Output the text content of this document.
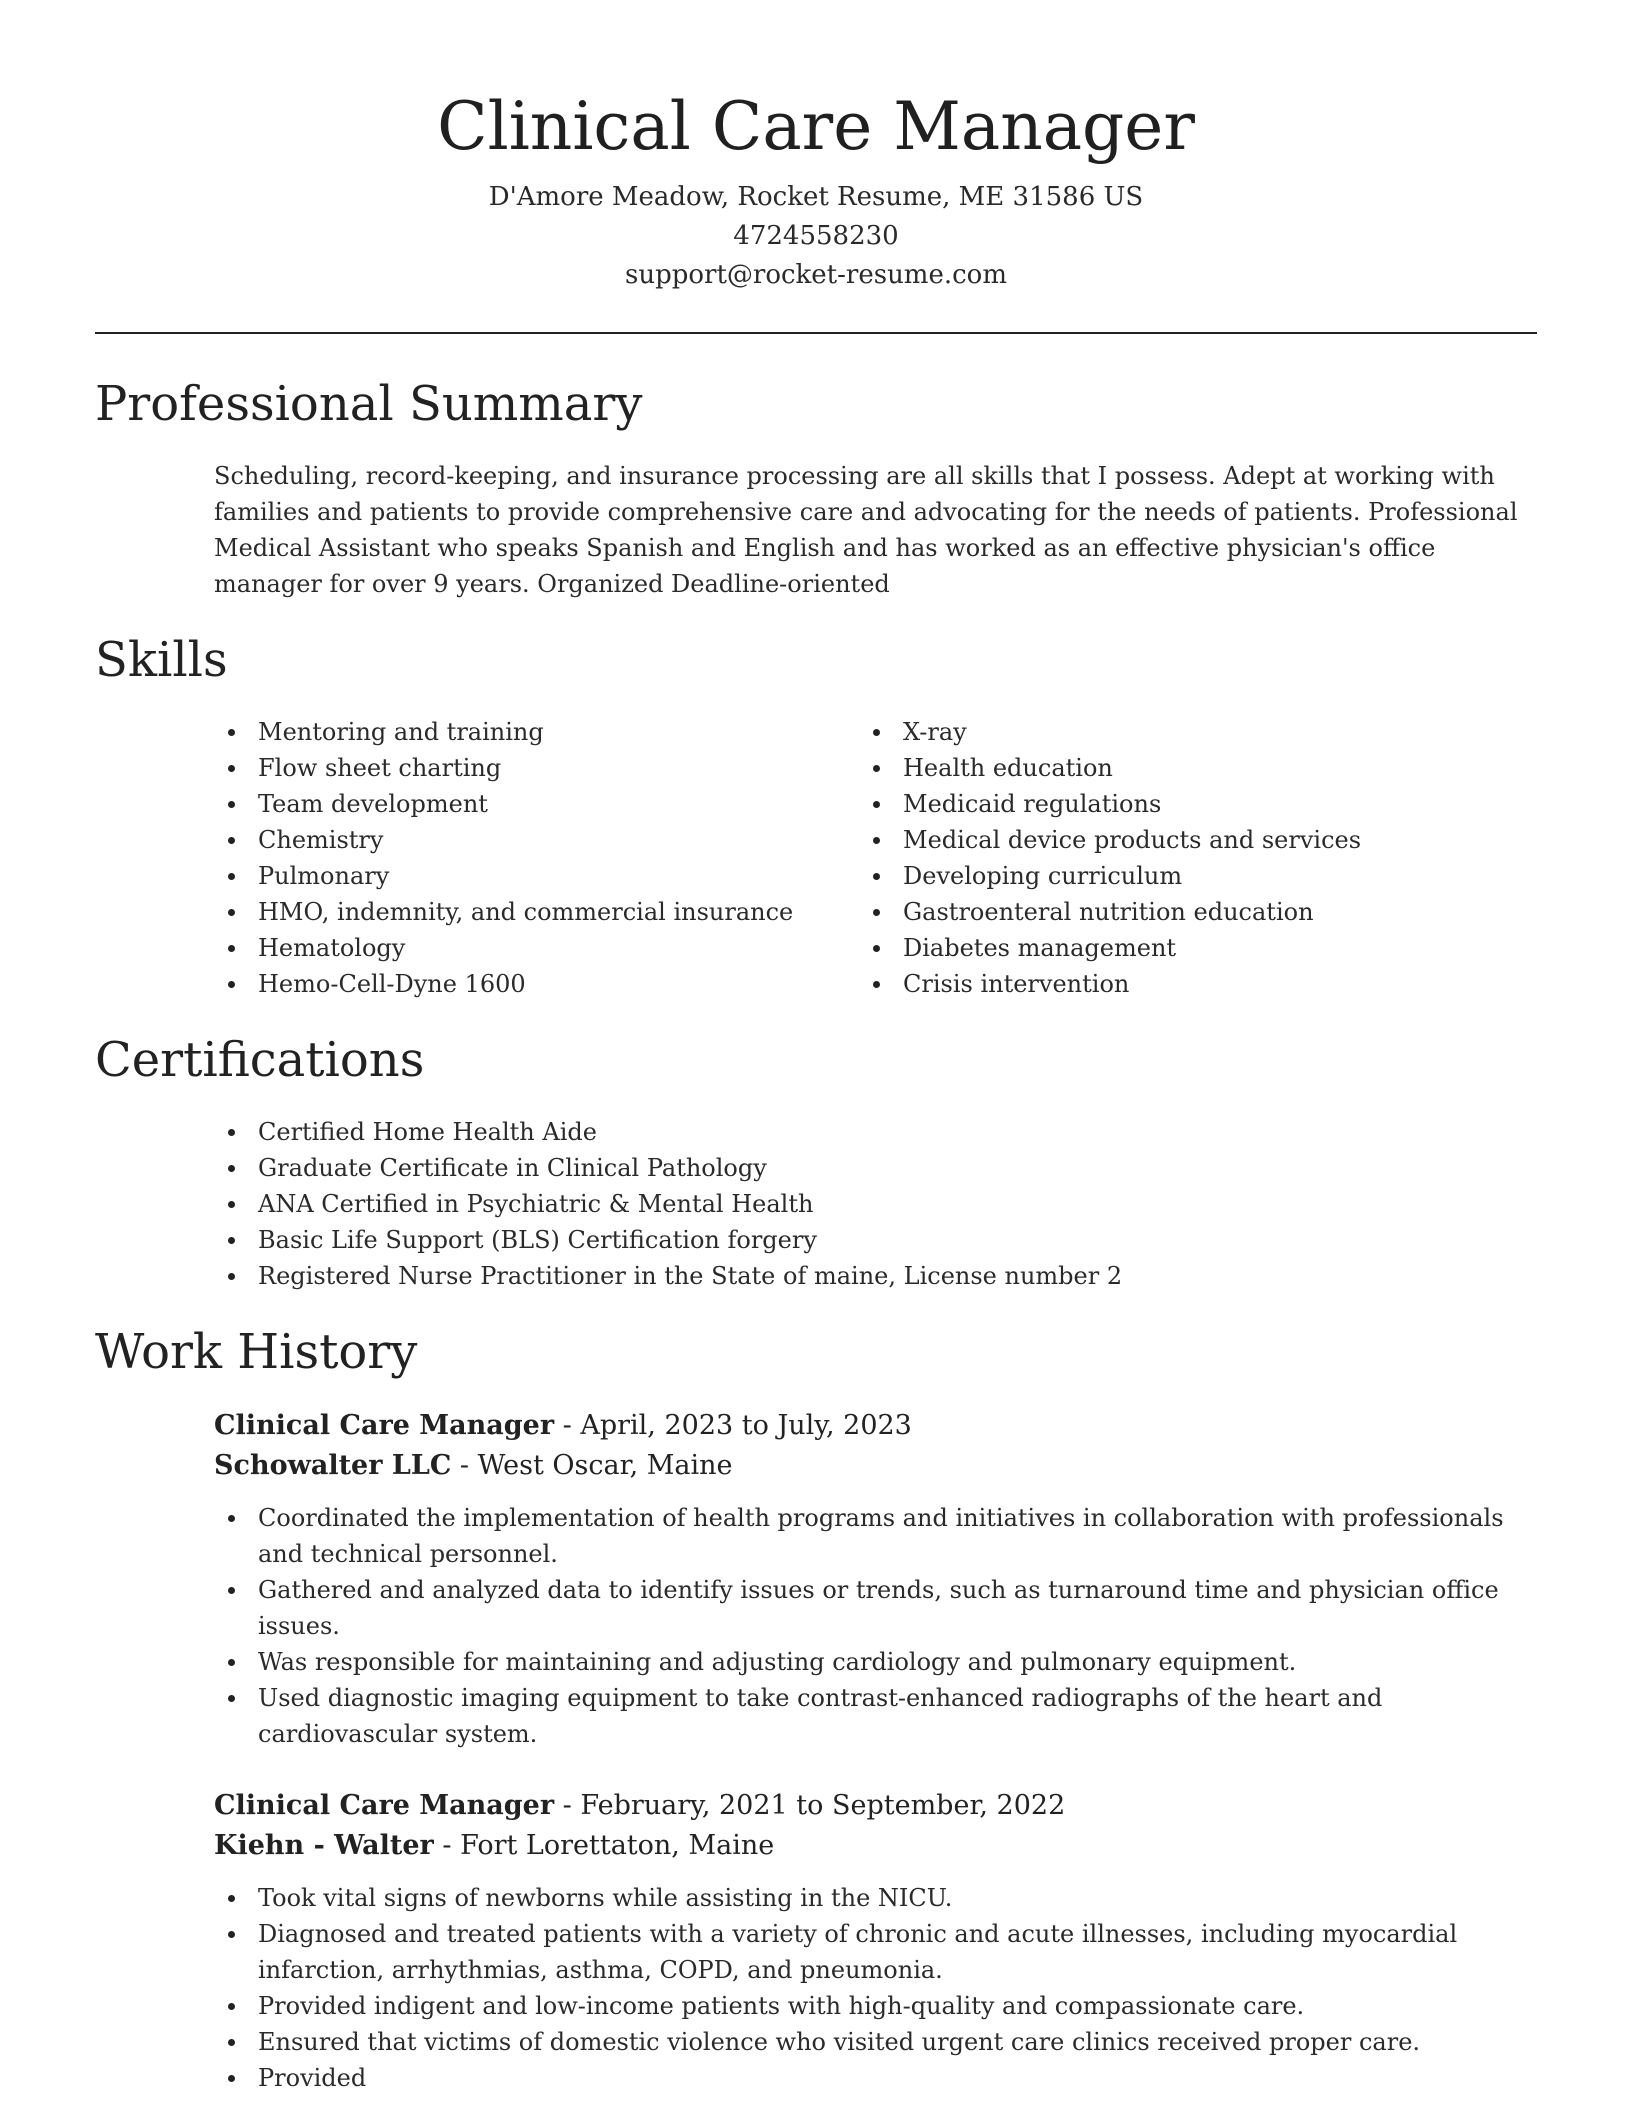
Clinical Care Manager
D'Amore Meadow, Rocket Resume, ME 31586 US
4724558230
support@rocket-resume.com
Professional Summary

Scheduling, record-keeping, and insurance processing are all skills that I possess. Adept at working with families and patients to provide comprehensive care and advocating for the needs of patients. Professional Medical Assistant who speaks Spanish and English and has worked as an effective physician's office manager for over 9 years. Organized Deadline-oriented

Skills
Mentoring and training
Flow sheet charting
Team development
Chemistry
Pulmonary
HMO, indemnity, and commercial insurance
Hematology
Hemo-Cell-Dyne 1600
X-ray
Health education
Medicaid regulations
Medical device products and services
Developing curriculum
Gastroenteral nutrition education
Diabetes management
Crisis intervention
Certifications
Certified Home Health Aide
Graduate Certificate in Clinical Pathology
ANA Certified in Psychiatric & Mental Health
Basic Life Support (BLS) Certification forgery
Registered Nurse Practitioner in the State of maine, License number 2
Work History
Clinical Care Manager - April, 2023 to July, 2023
Schowalter LLC - West Oscar, Maine
Coordinated the implementation of health programs and initiatives in collaboration with professionals and technical personnel.
Gathered and analyzed data to identify issues or trends, such as turnaround time and physician office issues.
Was responsible for maintaining and adjusting cardiology and pulmonary equipment.
Used diagnostic imaging equipment to take contrast-enhanced radiographs of the heart and cardiovascular system.
Clinical Care Manager - February, 2021 to September, 2022
Kiehn - Walter - Fort Lorettaton, Maine
Took vital signs of newborns while assisting in the NICU.
Diagnosed and treated patients with a variety of chronic and acute illnesses, including myocardial infarction, arrhythmias, asthma, COPD, and pneumonia.
Provided indigent and low-income patients with high-quality and compassionate care.
Ensured that victims of domestic violence who visited urgent care clinics received proper care.
Provided
